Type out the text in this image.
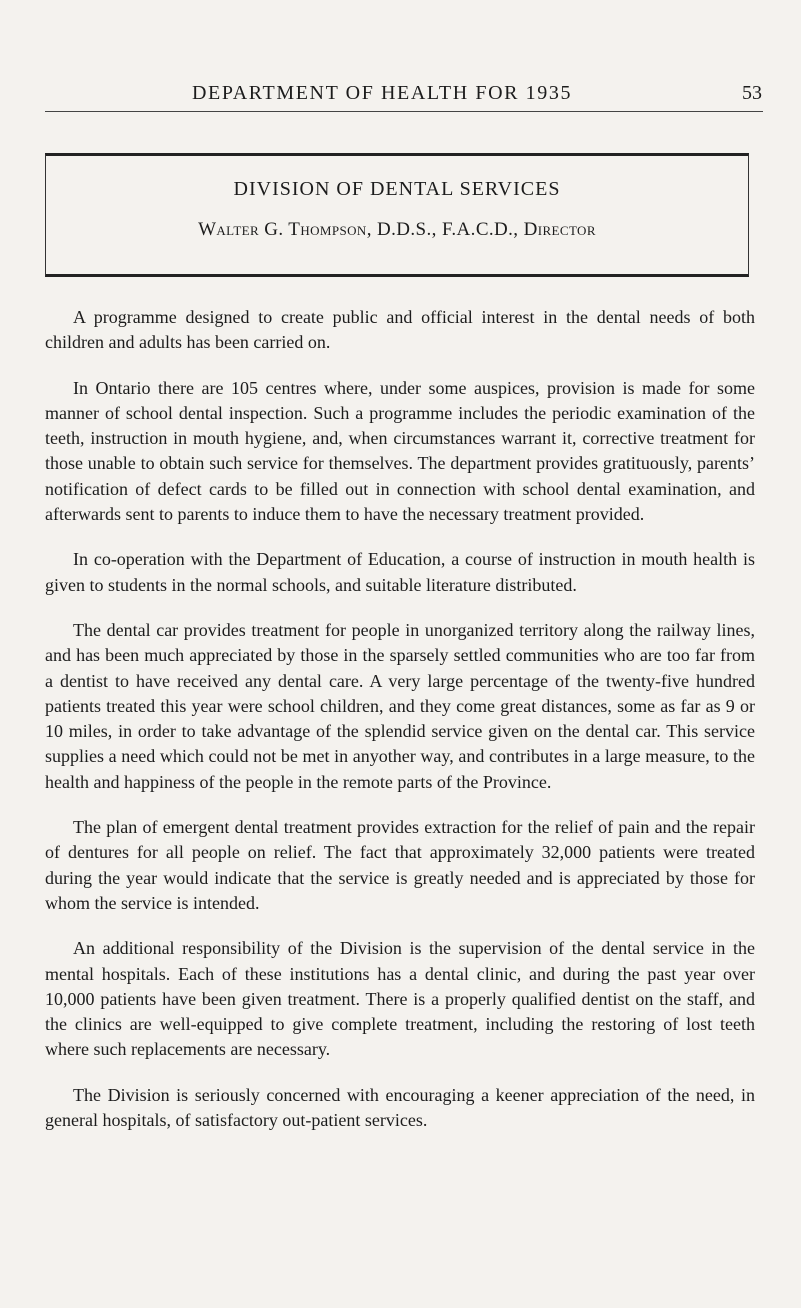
DEPARTMENT OF HEALTH FOR 1935	53
DIVISION OF DENTAL SERVICES
Walter G. Thompson, D.D.S., F.A.C.D., Director

A programme designed to create public and official interest in the dental needs of both children and adults has been carried on.

In Ontario there are 105 centres where, under some auspices, provision is made for some manner of school dental inspection. Such a programme includes the periodic examination of the teeth, instruction in mouth hygiene, and, when circumstances warrant it, corrective treatment for those unable to obtain such service for themselves. The department provides gratituously, parents’ notification of defect cards to be filled out in connection with school dental examination, and afterwards sent to parents to induce them to have the necessary treatment provided.

In co-operation with the Department of Education, a course of instruction in mouth health is given to students in the normal schools, and suitable literature distributed.

The dental car provides treatment for people in unorganized territory along the railway lines, and has been much appreciated by those in the sparsely settled communities who are too far from a dentist to have received any dental care. A very large percentage of the twenty-five hundred patients treated this year were school children, and they come great distances, some as far as 9 or 10 miles, in order to take advantage of the splendid service given on the dental car. This service supplies a need which could not be met in anyother way, and contributes in a large measure, to the health and happiness of the people in the remote parts of the Province.

The plan of emergent dental treatment provides extraction for the relief of pain and the repair of dentures for all people on relief. The fact that approximately 32,000 patients were treated during the year would indicate that the service is greatly needed and is appreciated by those for whom the service is intended.

An additional responsibility of the Division is the supervision of the dental service in the mental hospitals. Each of these institutions has a dental clinic, and during the past year over 10,000 patients have been given treatment. There is a properly qualified dentist on the staff, and the clinics are well-equipped to give complete treatment, including the restoring of lost teeth where such replacements are necessary.

The Division is seriously concerned with encouraging a keener appreciation of the need, in general hospitals, of satisfactory out-patient services.
